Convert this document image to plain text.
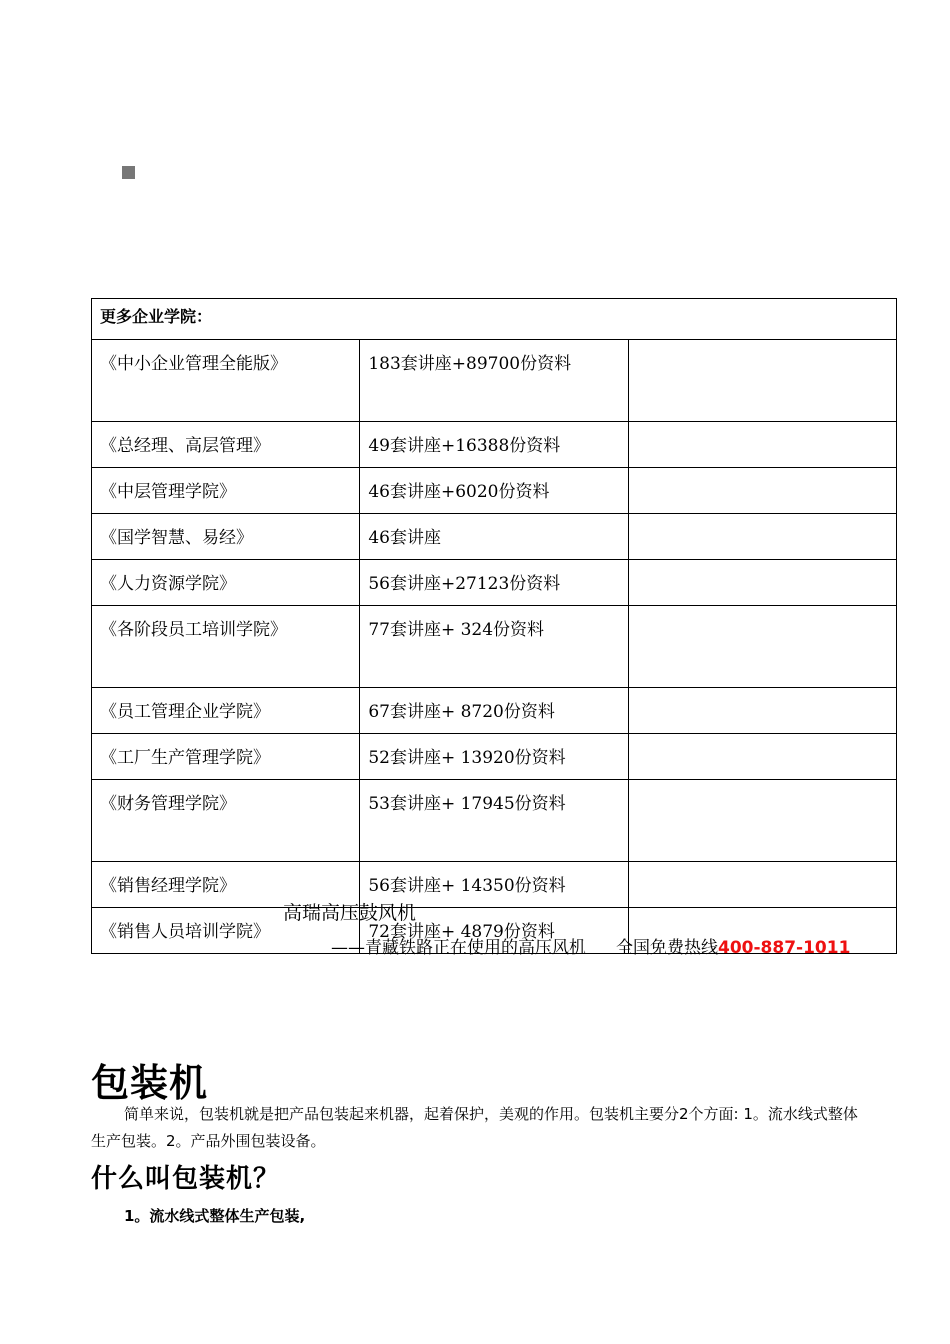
更多企业学院：		
《中小企业管理全能版》	183套讲座+89700份资料	
《总经理、高层管理》	49套讲座+16388份资料	
《中层管理学院》	46套讲座+6020份资料	
《国学智慧、易经》	46套讲座	
《人力资源学院》	56套讲座+27123份资料	
《各阶段员工培训学院》	77套讲座+ 324份资料	
《员工管理企业学院》	67套讲座+ 8720份资料	
《工厂生产管理学院》	52套讲座+ 13920份资料	
《财务管理学院》	53套讲座+ 17945份资料	
《销售经理学院》	56套讲座+ 14350份资料	
《销售人员培训学院》	72套讲座+ 4879份资料	
高瑞高压鼓风机
——青藏铁路正在使用的高压风机 全国免费热线400-887-1011
包装机
简单来说，包装机就是把产品包装起来机器，起着保护，美观的作用。包装机主要分2个方面: 1。流水线式整体生产包装。2。产品外围包装设备。
什么叫包装机？
1。流水线式整体生产包装,
